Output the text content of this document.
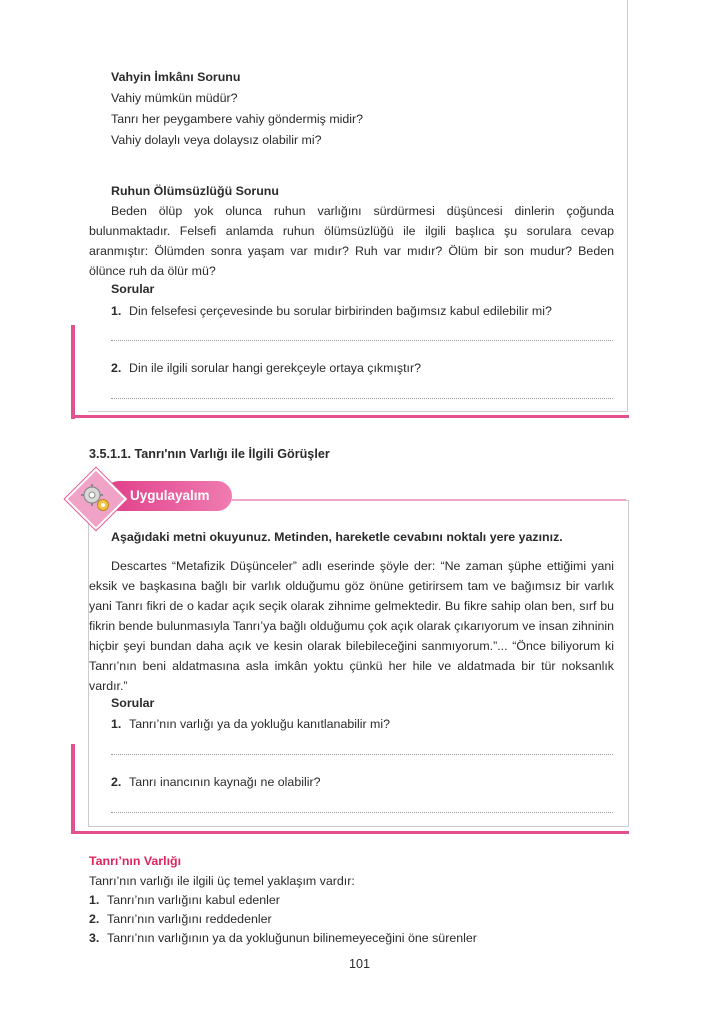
Vahyin İmkânı Sorunu
Vahiy mümkün müdür?
Tanrı her peygambere vahiy göndermiş midir?
Vahiy dolaylı veya dolaysız olabilir mi?
Ruhun Ölümsüzlüğü Sorunu
Beden ölüp yok olunca ruhun varlığını sürdürmesi düşüncesi dinlerin çoğunda bulunmaktadır. Felsefi anlamda ruhun ölümsüzlüğü ile ilgili başlıca şu sorulara cevap aranmıştır: Ölümden sonra yaşam var mıdır? Ruh var mıdır? Ölüm bir son mudur? Beden ölünce ruh da ölür mü?
Sorular
1. Din felsefesi çerçevesinde bu sorular birbirinden bağımsız kabul edilebilir mi?
2. Din ile ilgili sorular hangi gerekçeyle ortaya çıkmıştır?
3.5.1.1. Tanrı'nın Varlığı ile İlgili Görüşler
Uygulayalım
Aşağıdaki metni okuyunuz. Metinden, hareketle cevabını noktalı yere yazınız.
Descartes “Metafizik Düşünceler” adlı eserinde şöyle der: “Ne zaman şüphe ettiğimi yani eksik ve başkasına bağlı bir varlık olduğumu göz önüne getirirsem tam ve bağımsız bir varlık yani Tanrı fikri de o kadar açık seçik olarak zihnime gelmektedir. Bu fikre sahip olan ben, sırf bu fikrin bende bulunmasıyla Tanrı’ya bağlı olduğumu çok açık olarak çıkarıyorum ve insan zihninin hiçbir şeyi bundan daha açık ve kesin olarak bilebileceğini sanmıyorum.”... “Önce biliyorum ki Tanrı’nın beni aldatmasına asla imkân yoktu çünkü her hile ve aldatmada bir tür noksanlık vardır.”
Sorular
1. Tanrı’nın varlığı ya da yokluğu kanıtlanabilir mi?
2. Tanrı inancının kaynağı ne olabilir?
Tanrı’nın Varlığı
Tanrı’nın varlığı ile ilgili üç temel yaklaşım vardır:
1. Tanrı’nın varlığını kabul edenler
2. Tanrı’nın varlığını reddedenler
3. Tanrı’nın varlığının ya da yokluğunun bilinemeyeceğini öne sürenler
101
